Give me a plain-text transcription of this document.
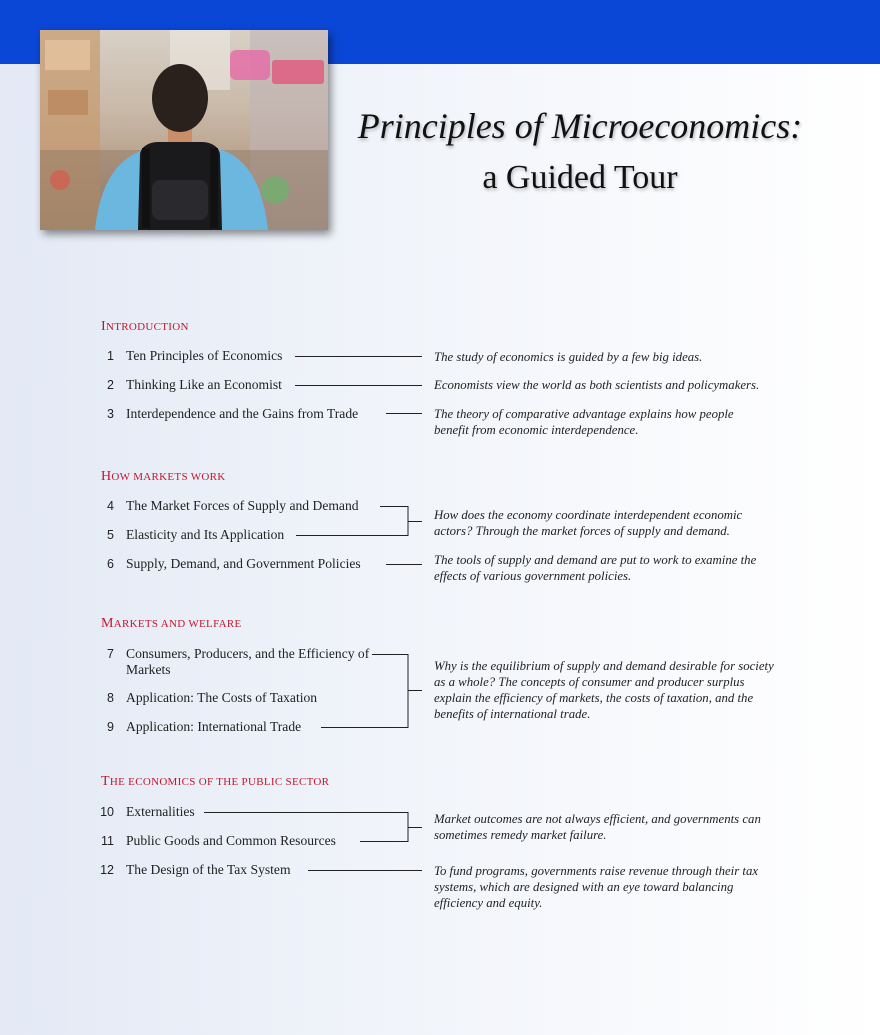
Principles of Microeconomics:
a Guided Tour
INTRODUCTION
1 Ten Principles of Economics
2 Thinking Like an Economist
3 Interdependence and the Gains from Trade
The study of economics is guided by a few big ideas.
Economists view the world as both scientists and policymakers.
The theory of comparative advantage explains how people benefit from economic interdependence.
HOW MARKETS WORK
4 The Market Forces of Supply and Demand
5 Elasticity and Its Application
6 Supply, Demand, and Government Policies
How does the economy coordinate interdependent economic actors? Through the market forces of supply and demand.
The tools of supply and demand are put to work to examine the effects of various government policies.
MARKETS AND WELFARE
7 Consumers, Producers, and the Efficiency of Markets
8 Application: The Costs of Taxation
9 Application: International Trade
Why is the equilibrium of supply and demand desirable for society as a whole? The concepts of consumer and producer surplus explain the efficiency of markets, the costs of taxation, and the benefits of international trade.
THE ECONOMICS OF THE PUBLIC SECTOR
10 Externalities
11 Public Goods and Common Resources
12 The Design of the Tax System
Market outcomes are not always efficient, and governments can sometimes remedy market failure.
To fund programs, governments raise revenue through their tax systems, which are designed with an eye toward balancing efficiency and equity.
